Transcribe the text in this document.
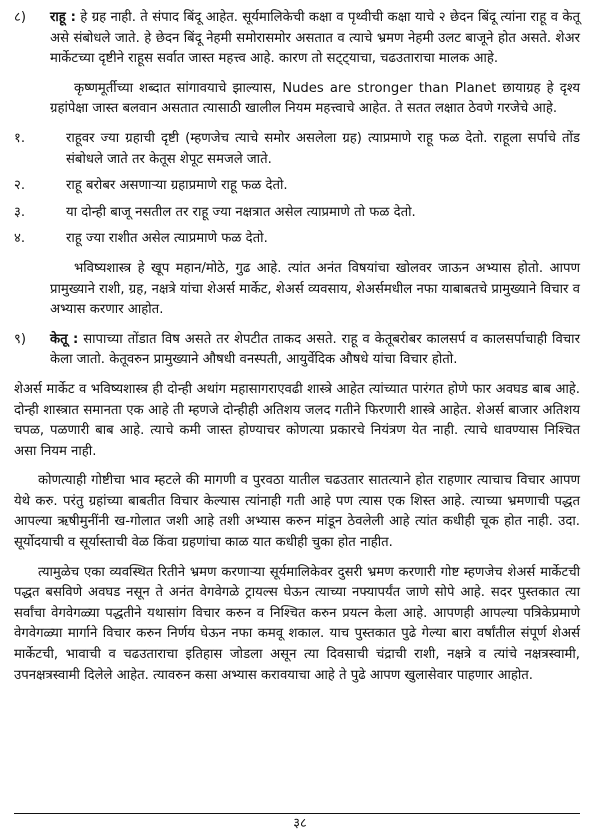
८)	राहू : हे ग्रह नाही. ते संपाद बिंदू आहेत. सूर्यमालिकेची कक्षा व पृथ्वीची कक्षा याचे २ छेदन बिंदू त्यांना राहू व केतू असे संबोधले जाते. हे छेदन बिंदू नेहमी समोरासमोर असतात व त्याचे भ्रमण नेहमी उलट बाजूने होत असते. शेअर मार्केटच्या दृष्टीने राहूस सर्वात जास्त महत्त्व आहे. कारण तो सट्ट्याचा, चढउताराचा मालक आहे.

कृष्णमूर्तीच्या शब्दात सांगावयाचे झाल्यास, Nudes are stronger than Planet छायाग्रह हे दृश्य ग्रहांपेक्षा जास्त बलवान असतात त्यासाठी खालील नियम महत्त्वाचे आहेत. ते सतत लक्षात ठेवणे गरजेचे आहे.

१.	राहूवर ज्या ग्रहाची दृष्टी (म्हणजेच त्याचे समोर असलेला ग्रह) त्याप्रमाणे राहू फळ देतो. राहूला सर्पाचे तोंड संबोधले जाते तर केतूस शेपूट समजले जाते.
२.	राहू बरोबर असणाऱ्या ग्रहाप्रमाणे राहू फळ देतो.
३.	या दोन्ही बाजू नसतील तर राहू ज्या नक्षत्रात असेल त्याप्रमाणे तो फळ देतो.
४.	राहू ज्या राशीत असेल त्याप्रमाणे फळ देतो.

भविष्यशास्त्र हे खूप महान/मोठे, गुढ आहे. त्यांत अनंत विषयांचा खोलवर जाऊन अभ्यास होतो. आपण प्रामुख्याने राशी, ग्रह, नक्षत्रे यांचा शेअर्स मार्केट, शेअर्स व्यवसाय, शेअर्समधील नफा याबाबतचे प्रामुख्याने विचार व अभ्यास करणार आहोत.

९)	केतू : सापाच्या तोंडात विष असते तर शेपटीत ताकद असते. राहू व केतूबरोबर कालसर्प व कालसर्पाचाही विचार केला जातो. केतूवरुन प्रामुख्याने औषधी वनस्पती, आयुर्वेदिक औषधे यांचा विचार होतो.

शेअर्स मार्केट व भविष्यशास्त्र ही दोन्ही अथांग महासागराएवढी शास्त्रे आहेत त्यांच्यात पारंगत होणे फार अवघड बाब आहे. दोन्ही शास्त्रात समानता एक आहे ती म्हणजे दोन्हीही अतिशय जलद गतीने फिरणारी शास्त्रे आहेत. शेअर्स बाजार अतिशय चपळ, पळणारी बाब आहे. त्याचे कमी जास्त होण्याचर कोणत्या प्रकारचे नियंत्रण येत नाही. त्याचे धावण्यास निश्चित असा नियम नाही.

कोणत्याही गोष्टीचा भाव म्हटले की मागणी व पुरवठा यातील चढउतार सातत्याने होत राहणार त्याचाच विचार आपण येथे करु. परंतु ग्रहांच्या बाबतीत विचार केल्यास त्यांनाही गती आहे पण त्यास एक शिस्त आहे. त्याच्या भ्रमणाची पद्धत आपल्या ऋषीमुनींनी ख-गोलात जशी आहे तशी अभ्यास करुन मांडून ठेवलेली आहे त्यांत कधीही चूक होत नाही. उदा. सूर्योदयाची व सूर्यास्ताची वेळ किंवा ग्रहणांचा काळ यात कधीही चुका होत नाहीत.

त्यामुळेच एका व्यवस्थित रितीने भ्रमण करणाऱ्या सूर्यमालिकेवर दुसरी भ्रमण करणारी गोष्ट म्हणजेच शेअर्स मार्केटची पद्धत बसविणे अवघड नसून ते अनंत वेगवेगळे ट्रायल्स घेऊन त्याच्या नफ्यापर्यंत जाणे सोपे आहे. सदर पुस्तकात त्या सर्वांचा वेगवेगळ्या पद्धतीने यथासांग विचार करुन व निश्चित करुन प्रयत्न केला आहे. आपणही आपल्या पत्रिकेप्रमाणे वेगवेगळ्या मार्गाने विचार करुन निर्णय घेऊन नफा कमवू शकाल. याच पुस्तकात पुढे गेल्या बारा वर्षांतील संपूर्ण शेअर्स मार्केटची, भावाची व चढउताराचा इतिहास जोडला असून त्या दिवसाची चंद्राची राशी, नक्षत्रे व त्यांचे नक्षत्रस्वामी, उपनक्षत्रस्वामी दिलेले आहेत. त्यावरुन कसा अभ्यास करावयाचा आहे ते पुढे आपण खुलासेवार पाहणार आहोत.

३८
